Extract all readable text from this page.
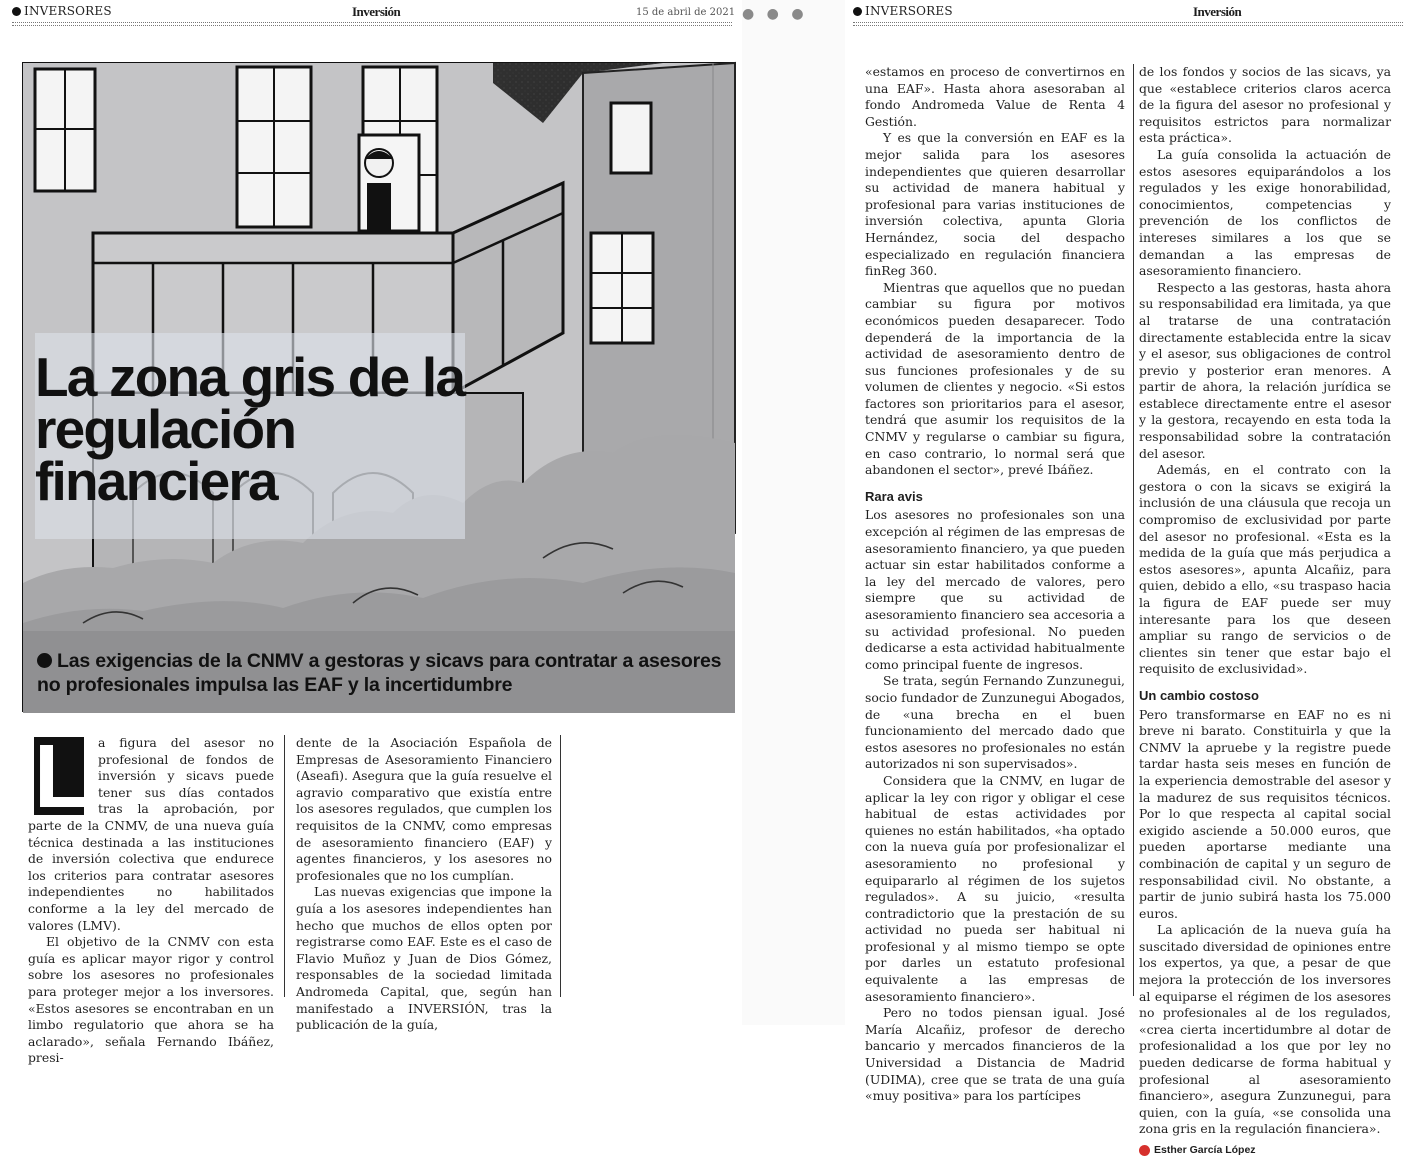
INVERSORES	Inversión	15 de abril de 2021
La zona gris de la regulación financiera
Las exigencias de la CNMV a gestoras y sicavs para contratar a asesores no profesionales impulsa las EAF y la incertidumbre
L a figura del asesor no profesional de fondos de inversión y sicavs puede tener sus días contados tras la aprobación, por parte de la CNMV, de una nueva guía técnica destinada a las instituciones de inversión colectiva que endurece los criterios para contratar asesores independientes no habilitados conforme a la ley del mercado de valores (LMV).

El objetivo de la CNMV con esta guía es aplicar mayor rigor y control sobre los asesores no profesionales para proteger mejor a los inversores. «Estos asesores se encontraban en un limbo regulatorio que ahora se ha aclarado», señala Fernando Ibáñez, presi-

dente de la Asociación Española de Empresas de Asesoramiento Financiero (Aseafi). Asegura que la guía resuelve el agravio comparativo que existía entre los asesores regulados, que cumplen los requisitos de la CNMV, como empresas de asesoramiento financiero (EAF) y agentes financieros, y los asesores no profesionales que no los cumplían.

Las nuevas exigencias que impone la guía a los asesores independientes han hecho que muchos de ellos opten por registrarse como EAF. Este es el caso de Flavio Muñoz y Juan de Dios Gómez, responsables de la sociedad limitada Andromeda Capital, que, según han manifestado a INVERSIÓN, tras la publicación de la guía,

● ● ●	INVERSORES	Inversión

«estamos en proceso de convertirnos en una EAF». Hasta ahora asesoraban al fondo Andromeda Value de Renta 4 Gestión.

Y es que la conversión en EAF es la mejor salida para los asesores independientes que quieren desarrollar su actividad de manera habitual y profesional para varias instituciones de inversión colectiva, apunta Gloria Hernández, socia del despacho especializado en regulación financiera finReg 360.

Mientras que aquellos que no puedan cambiar su figura por motivos económicos pueden desaparecer. Todo dependerá de la importancia de la actividad de asesoramiento dentro de sus funciones profesionales y de su volumen de clientes y negocio. «Si estos factores son prioritarios para el asesor, tendrá que asumir los requisitos de la CNMV y regularse o cambiar su figura, en caso contrario, lo normal será que abandonen el sector», prevé Ibáñez.

Rara avis

Los asesores no profesionales son una excepción al régimen de las empresas de asesoramiento financiero, ya que pueden actuar sin estar habilitados conforme a la ley del mercado de valores, pero siempre que su actividad de asesoramiento financiero sea accesoria a su actividad profesional. No pueden dedicarse a esta actividad habitualmente como principal fuente de ingresos.

Se trata, según Fernando Zunzunegui, socio fundador de Zunzunegui Abogados, de «una brecha en el buen funcionamiento del mercado dado que estos asesores no profesionales no están autorizados ni son supervisados».

Considera que la CNMV, en lugar de aplicar la ley con rigor y obligar el cese habitual de estas actividades por quienes no están habilitados, «ha optado con la nueva guía por profesionalizar el asesoramiento no profesional y equipararlo al régimen de los sujetos regulados». A su juicio, «resulta contradictorio que la prestación de su actividad no pueda ser habitual ni profesional y al mismo tiempo se opte por darles un estatuto profesional equivalente a las empresas de asesoramiento financiero».

Pero no todos piensan igual. José María Alcañiz, profesor de derecho bancario y mercados financieros de la Universidad a Distancia de Madrid (UDIMA), cree que se trata de una guía «muy positiva» para los partícipes

de los fondos y socios de las sicavs, ya que «establece criterios claros acerca de la figura del asesor no profesional y requisitos estrictos para normalizar esta práctica».

La guía consolida la actuación de estos asesores equiparándolos a los regulados y les exige honorabilidad, conocimientos, competencias y prevención de los conflictos de intereses similares a los que se demandan a las empresas de asesoramiento financiero.

Respecto a las gestoras, hasta ahora su responsabilidad era limitada, ya que al tratarse de una contratación directamente establecida entre la sicav y el asesor, sus obligaciones de control previo y posterior eran menores. A partir de ahora, la relación jurídica se establece directamente entre el asesor y la gestora, recayendo en esta toda la responsabilidad sobre la contratación del asesor.

Además, en el contrato con la gestora o con la sicavs se exigirá la inclusión de una cláusula que recoja un compromiso de exclusividad por parte del asesor no profesional. «Esta es la medida de la guía que más perjudica a estos asesores», apunta Alcañiz, para quien, debido a ello, «su traspaso hacia la figura de EAF puede ser muy interesante para los que deseen ampliar su rango de servicios o de clientes sin tener que estar bajo el requisito de exclusividad».

Un cambio costoso

Pero transformarse en EAF no es ni breve ni barato. Constituirla y que la CNMV la apruebe y la registre puede tardar hasta seis meses en función de la experiencia demostrable del asesor y la madurez de sus requisitos técnicos. Por lo que respecta al capital social exigido asciende a 50.000 euros, que pueden aportarse mediante una combinación de capital y un seguro de responsabilidad civil. No obstante, a partir de junio subirá hasta los 75.000 euros.

La aplicación de la nueva guía ha suscitado diversidad de opiniones entre los expertos, ya que, a pesar de que mejora la protección de los inversores al equiparse el régimen de los asesores no profesionales al de los regulados, «crea cierta incertidumbre al dotar de profesionalidad a los que por ley no pueden dedicarse de forma habitual y profesional al asesoramiento financiero», asegura Zunzunegui, para quien, con la guía, «se consolida una zona gris en la regulación financiera».

Esther García López
